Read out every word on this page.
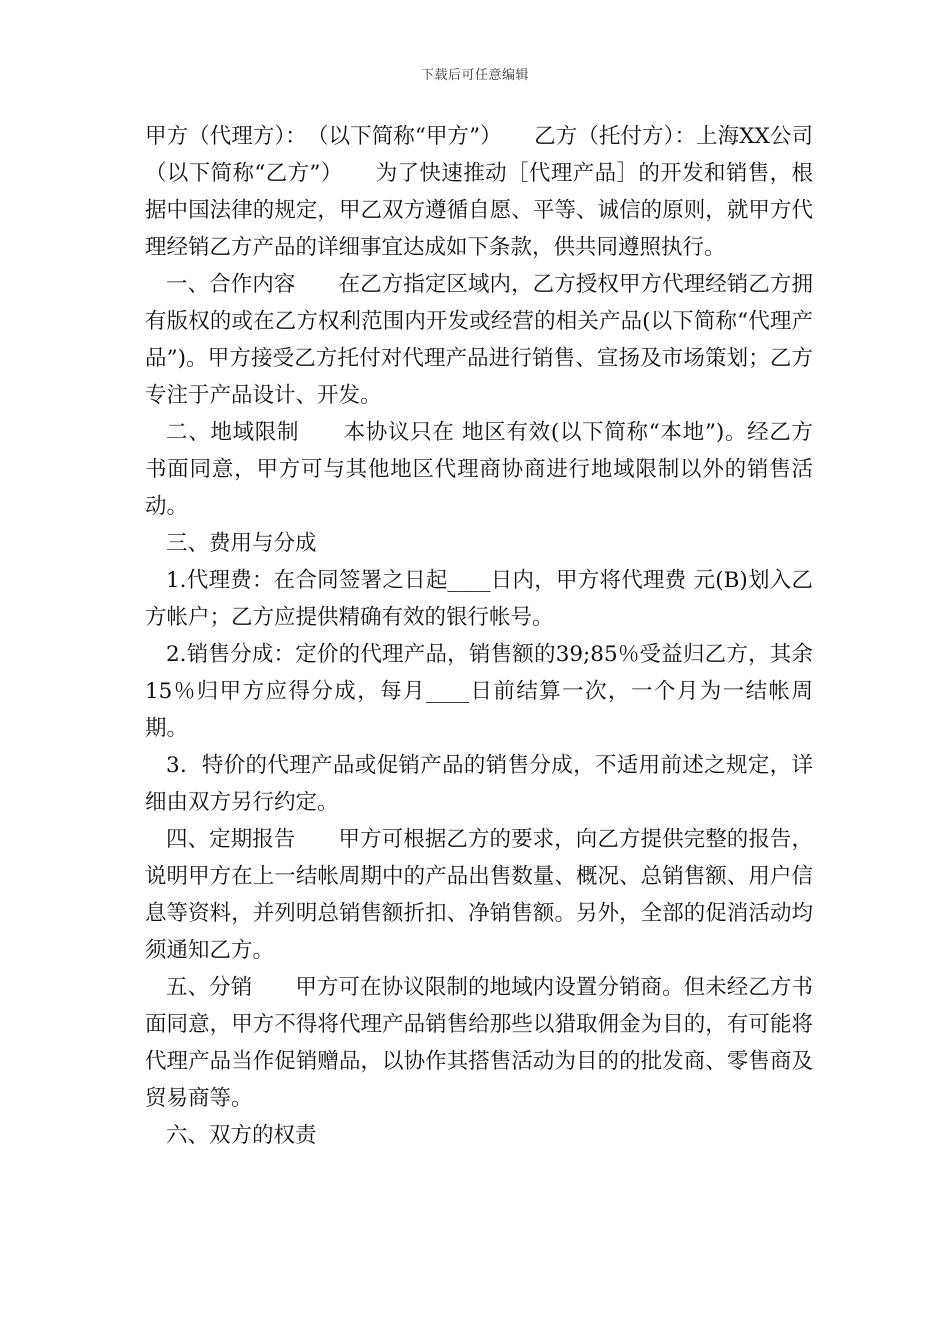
下载后可任意编辑

甲方（代理方）：　（以下简称“甲方”）　　乙方（托付方）：上海XX公司（以下简称“乙方”）　　为了快速推动［代理产品］的开发和销售，根据中国法律的规定，甲乙双方遵循自愿、平等、诚信的原则，就甲方代理经销乙方产品的详细事宜达成如下条款，供共同遵照执行。

一、合作内容　　在乙方指定区域内，乙方授权甲方代理经销乙方拥有版权的或在乙方权利范围内开发或经营的相关产品(以下简称“代理产品”)。甲方接受乙方托付对代理产品进行销售、宣扬及市场策划；乙方专注于产品设计、开发。

二、地域限制　　本协议只在 地区有效(以下简称“本地”)。经乙方书面同意，甲方可与其他地区代理商协商进行地域限制以外的销售活动。

三、费用与分成

1.代理费：在合同签署之日起____日内，甲方将代理费 元(B)划入乙方帐户；乙方应提供精确有效的银行帐号。

2.销售分成：定价的代理产品，销售额的39;85％受益归乙方，其余15％归甲方应得分成，每月____日前结算一次，一个月为一结帐周期。

3．特价的代理产品或促销产品的销售分成，不适用前述之规定，详细由双方另行约定。

四、定期报告　　甲方可根据乙方的要求，向乙方提供完整的报告，说明甲方在上一结帐周期中的产品出售数量、概况、总销售额、用户信息等资料，并列明总销售额折扣、净销售额。另外，全部的促消活动均须通知乙方。

五、分销　　甲方可在协议限制的地域内设置分销商。但未经乙方书面同意，甲方不得将代理产品销售给那些以猎取佣金为目的，有可能将代理产品当作促销赠品，以协作其搭售活动为目的的批发商、零售商及贸易商等。

六、双方的权责
